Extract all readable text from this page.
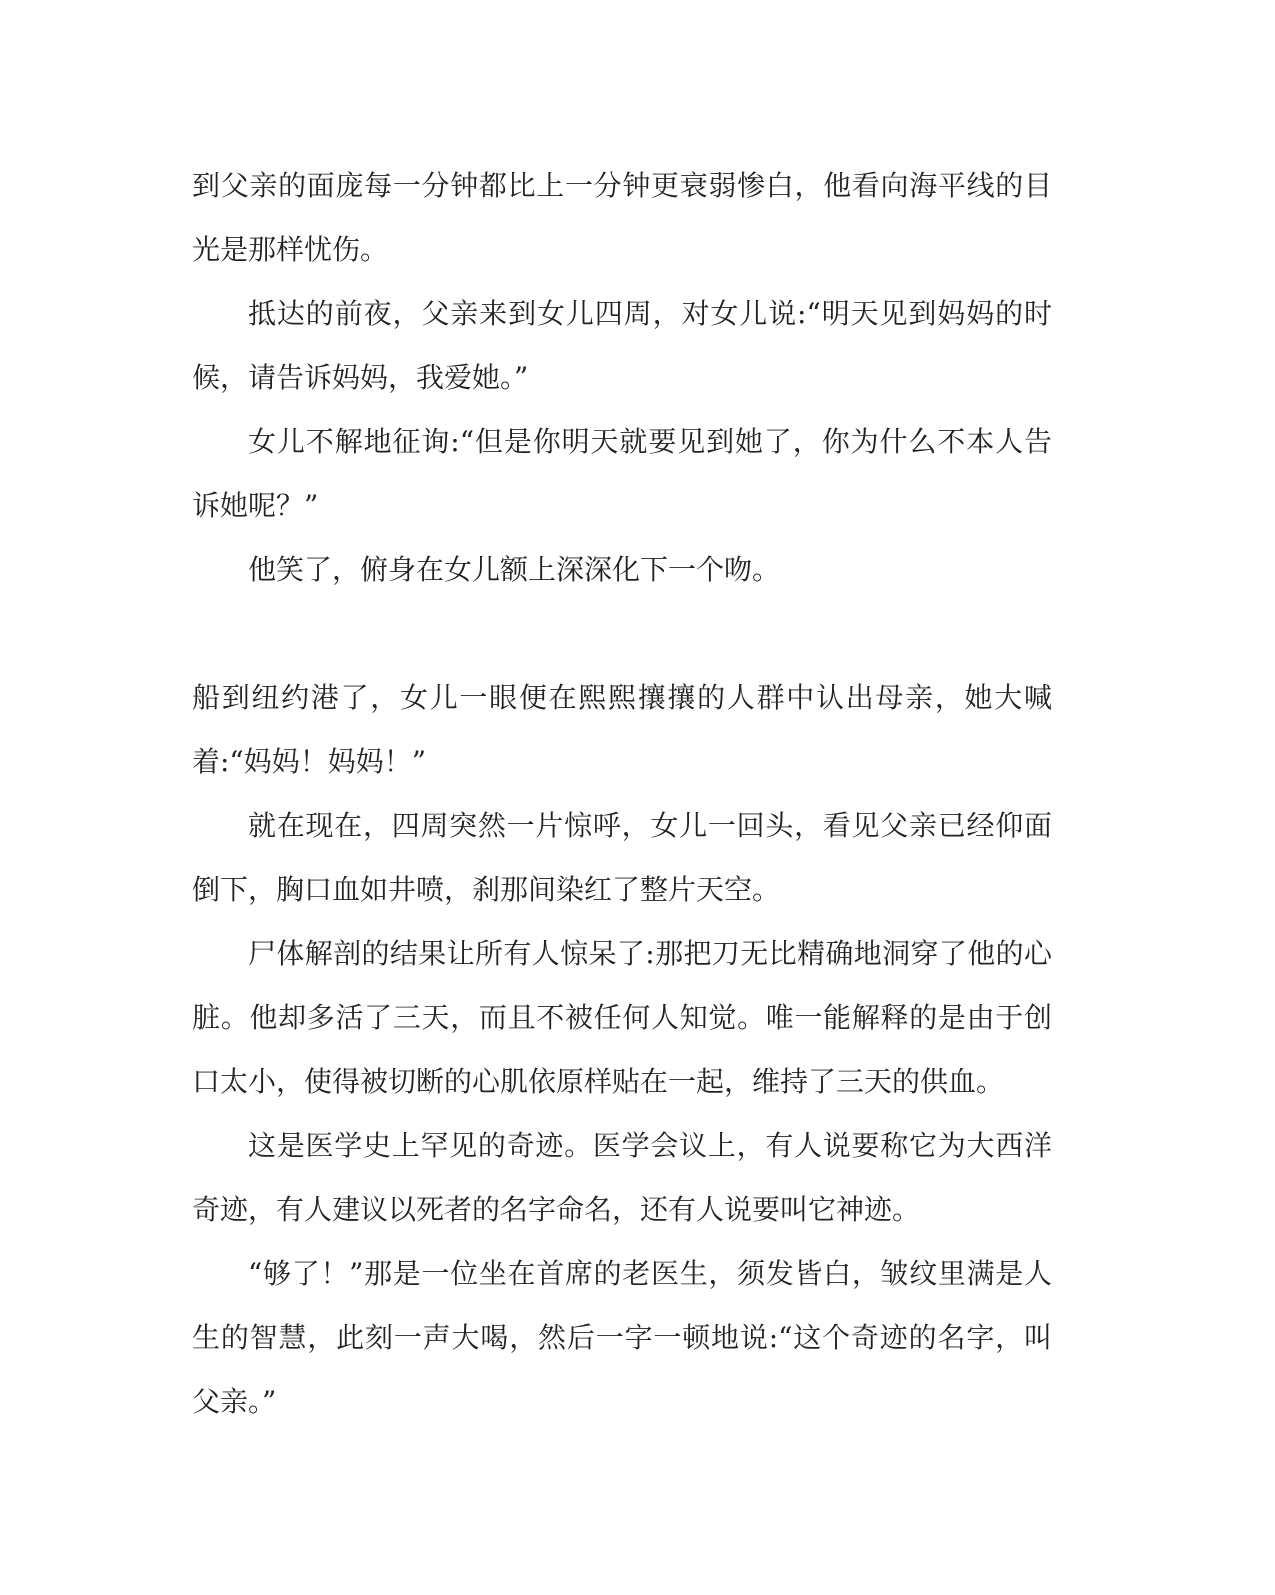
到父亲的面庞每一分钟都比上一分钟更衰弱惨白，他看向海平线的目光是那样忧伤。

抵达的前夜，父亲来到女儿四周，对女儿说:“明天见到妈妈的时候，请告诉妈妈，我爱她。”

女儿不解地征询:“但是你明天就要见到她了，你为什么不本人告诉她呢？”

他笑了，俯身在女儿额上深深化下一个吻。

船到纽约港了，女儿一眼便在熙熙攘攘的人群中认出母亲，她大喊着:“妈妈！妈妈！”

就在现在，四周突然一片惊呼，女儿一回头，看见父亲已经仰面倒下，胸口血如井喷，刹那间染红了整片天空。

尸体解剖的结果让所有人惊呆了:那把刀无比精确地洞穿了他的心脏。他却多活了三天，而且不被任何人知觉。唯一能解释的是由于创口太小，使得被切断的心肌依原样贴在一起，维持了三天的供血。

这是医学史上罕见的奇迹。医学会议上，有人说要称它为大西洋奇迹，有人建议以死者的名字命名，还有人说要叫它神迹。

“够了！”那是一位坐在首席的老医生，须发皆白，皱纹里满是人生的智慧，此刻一声大喝，然后一字一顿地说:“这个奇迹的名字，叫父亲。”
